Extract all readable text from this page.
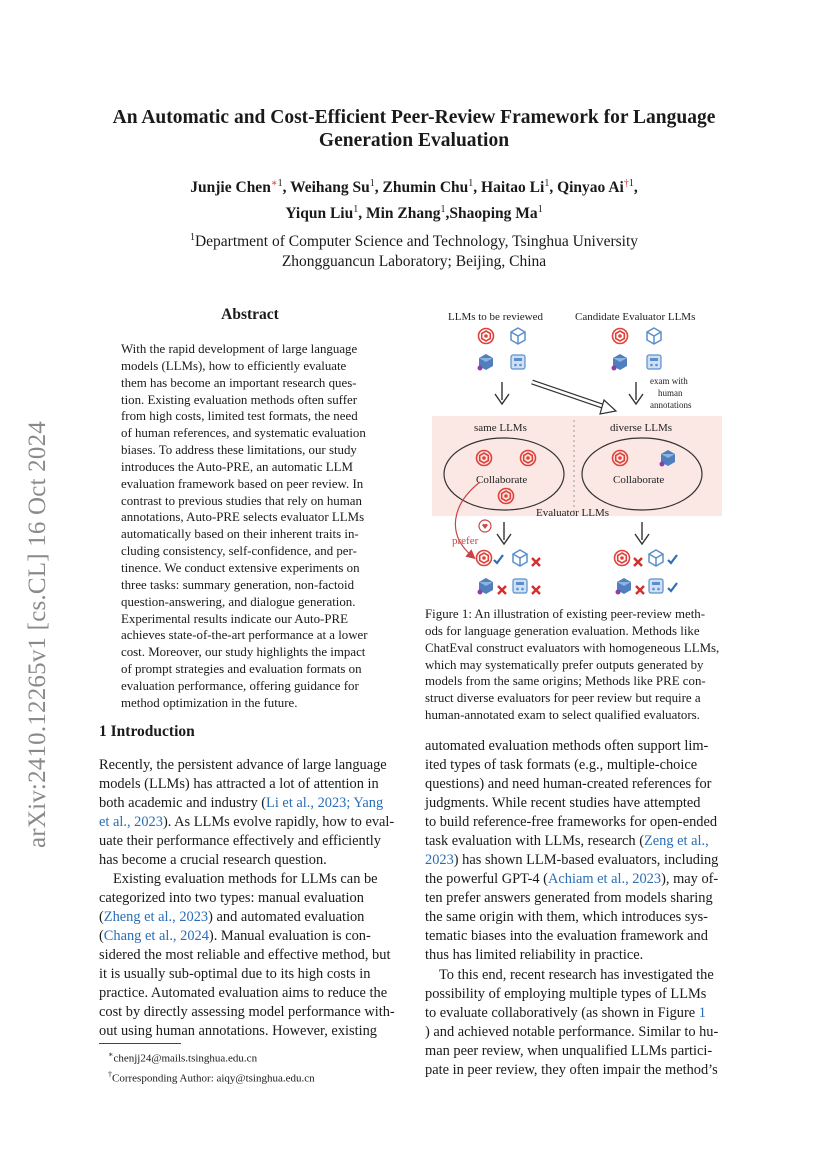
arXiv:2410.12265v1 [cs.CL] 16 Oct 2024
An Automatic and Cost-Efficient Peer-Review Framework for Language
Generation Evaluation
Junjie Chen$^{∗1}$, Weihang Su$^1$, Zhumin Chu$^1$, Haitao Li$^1$, Qinyao Ai$^{\dagger 1}$,
Yiqun Liu$^1$, Min Zhang$^1$,Shaoping Ma$^1$
$^1$Department of Computer Science and Technology, Tsinghua University
Zhongguancun Laboratory; Beijing, China
Abstract
With the rapid development of large language
models (LLMs), how to efficiently evaluate
them has become an important research ques-
tion. Existing evaluation methods often suffer
from high costs, limited test formats, the need
of human references, and systematic evaluation
biases. To address these limitations, our study
introduces the Auto-PRE, an automatic LLM
evaluation framework based on peer review. In
contrast to previous studies that rely on human
annotations, Auto-PRE selects evaluator LLMs
automatically based on their inherent traits in-
cluding consistency, self-confidence, and per-
tinence. We conduct extensive experiments on
three tasks: summary generation, non-factoid
question-answering, and dialogue generation.
Experimental results indicate our Auto-PRE
achieves state-of-the-art performance at a lower
cost. Moreover, our study highlights the impact
of prompt strategies and evaluation formats on
evaluation performance, offering guidance for
method optimization in the future.
1 Introduction
Recently, the persistent advance of large language
models (LLMs) has attracted a lot of attention in
both academic and industry (Li et al., 2023; Yang
et al., 2023). As LLMs evolve rapidly, how to eval-
uate their performance effectively and efficiently
has become a crucial research question.
Existing evaluation methods for LLMs can be
categorized into two types: manual evaluation
(Zheng et al., 2023) and automated evaluation
(Chang et al., 2024). Manual evaluation is con-
sidered the most reliable and effective method, but
it is usually sub-optimal due to its high costs in
practice. Automated evaluation aims to reduce the
cost by directly assessing model performance with-
out using human annotations. However, existing
∗chenjj24@mails.tsinghua.edu.cn
†Corresponding Author: aiqy@tsinghua.edu.cn
LLMs to be reviewed	Candidate Evaluator LLMs
exam with
human
annotations
same LLMs	diverse LLMs
Collaborate	Collaborate
Evaluator LLMs
prefer
Figure 1: An illustration of existing peer-review meth-
ods for language generation evaluation. Methods like
ChatEval construct evaluators with homogeneous LLMs,
which may systematically prefer outputs generated by
models from the same origins; Methods like PRE con-
struct diverse evaluators for peer review but require a
human-annotated exam to select qualified evaluators.
automated evaluation methods often support lim-
ited types of task formats (e.g., multiple-choice
questions) and need human-created references for
judgments. While recent studies have attempted
to build reference-free frameworks for open-ended
task evaluation with LLMs, research (Zeng et al.,
2023) has shown LLM-based evaluators, including
the powerful GPT-4 (Achiam et al., 2023), may of-
ten prefer answers generated from models sharing
the same origin with them, which introduces sys-
tematic biases into the evaluation framework and
thus has limited reliability in practice.
To this end, recent research has investigated the
possibility of employing multiple types of LLMs
to evaluate collaboratively (as shown in Figure 1
) and achieved notable performance. Similar to hu-
man peer review, when unqualified LLMs partici-
pate in peer review, they often impair the method’s
